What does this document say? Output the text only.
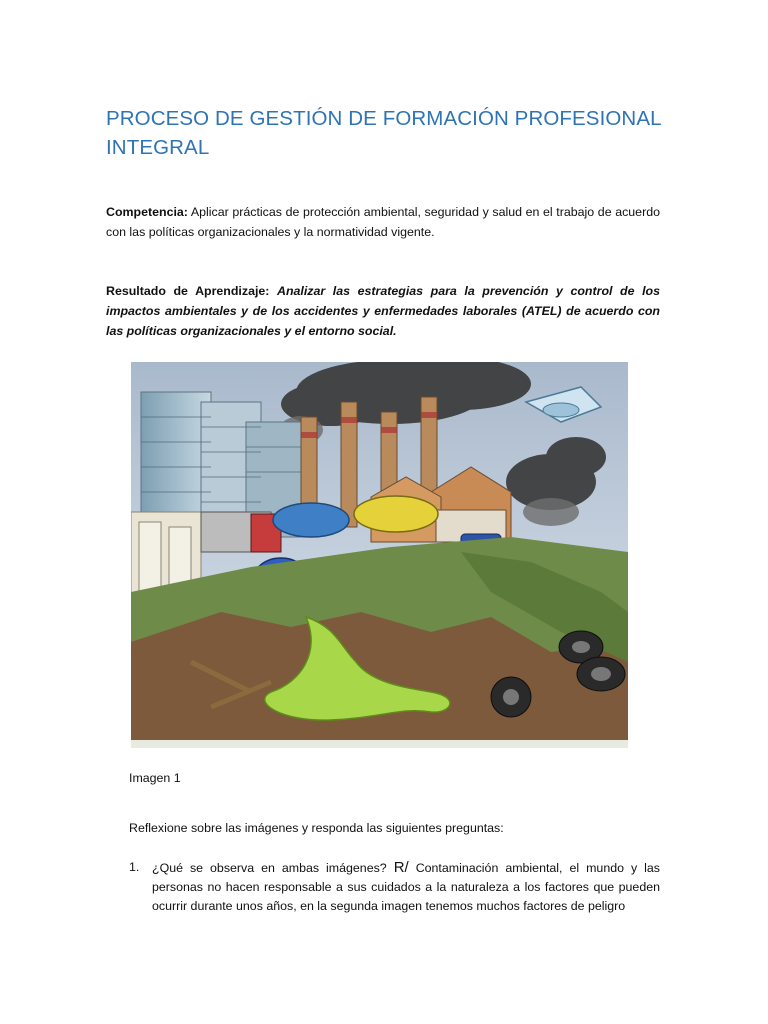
PROCESO DE GESTIÓN DE FORMACIÓN PROFESIONAL INTEGRAL
Competencia: Aplicar prácticas de protección ambiental, seguridad y salud en el trabajo de acuerdo con las políticas organizacionales y la normatividad vigente.
Resultado de Aprendizaje: Analizar las estrategias para la prevención y control de los impactos ambientales y de los accidentes y enfermedades laborales (ATEL) de acuerdo con las políticas organizacionales y el entorno social.
Imagen 1
Reflexione sobre las imágenes y responda las siguientes preguntas:
1. ¿Qué se observa en ambas imágenes? R/ Contaminación ambiental, el mundo y las personas no hacen responsable a sus cuidados a la naturaleza a los factores que pueden ocurrir durante unos años, en la segunda imagen tenemos muchos factores de peligro
